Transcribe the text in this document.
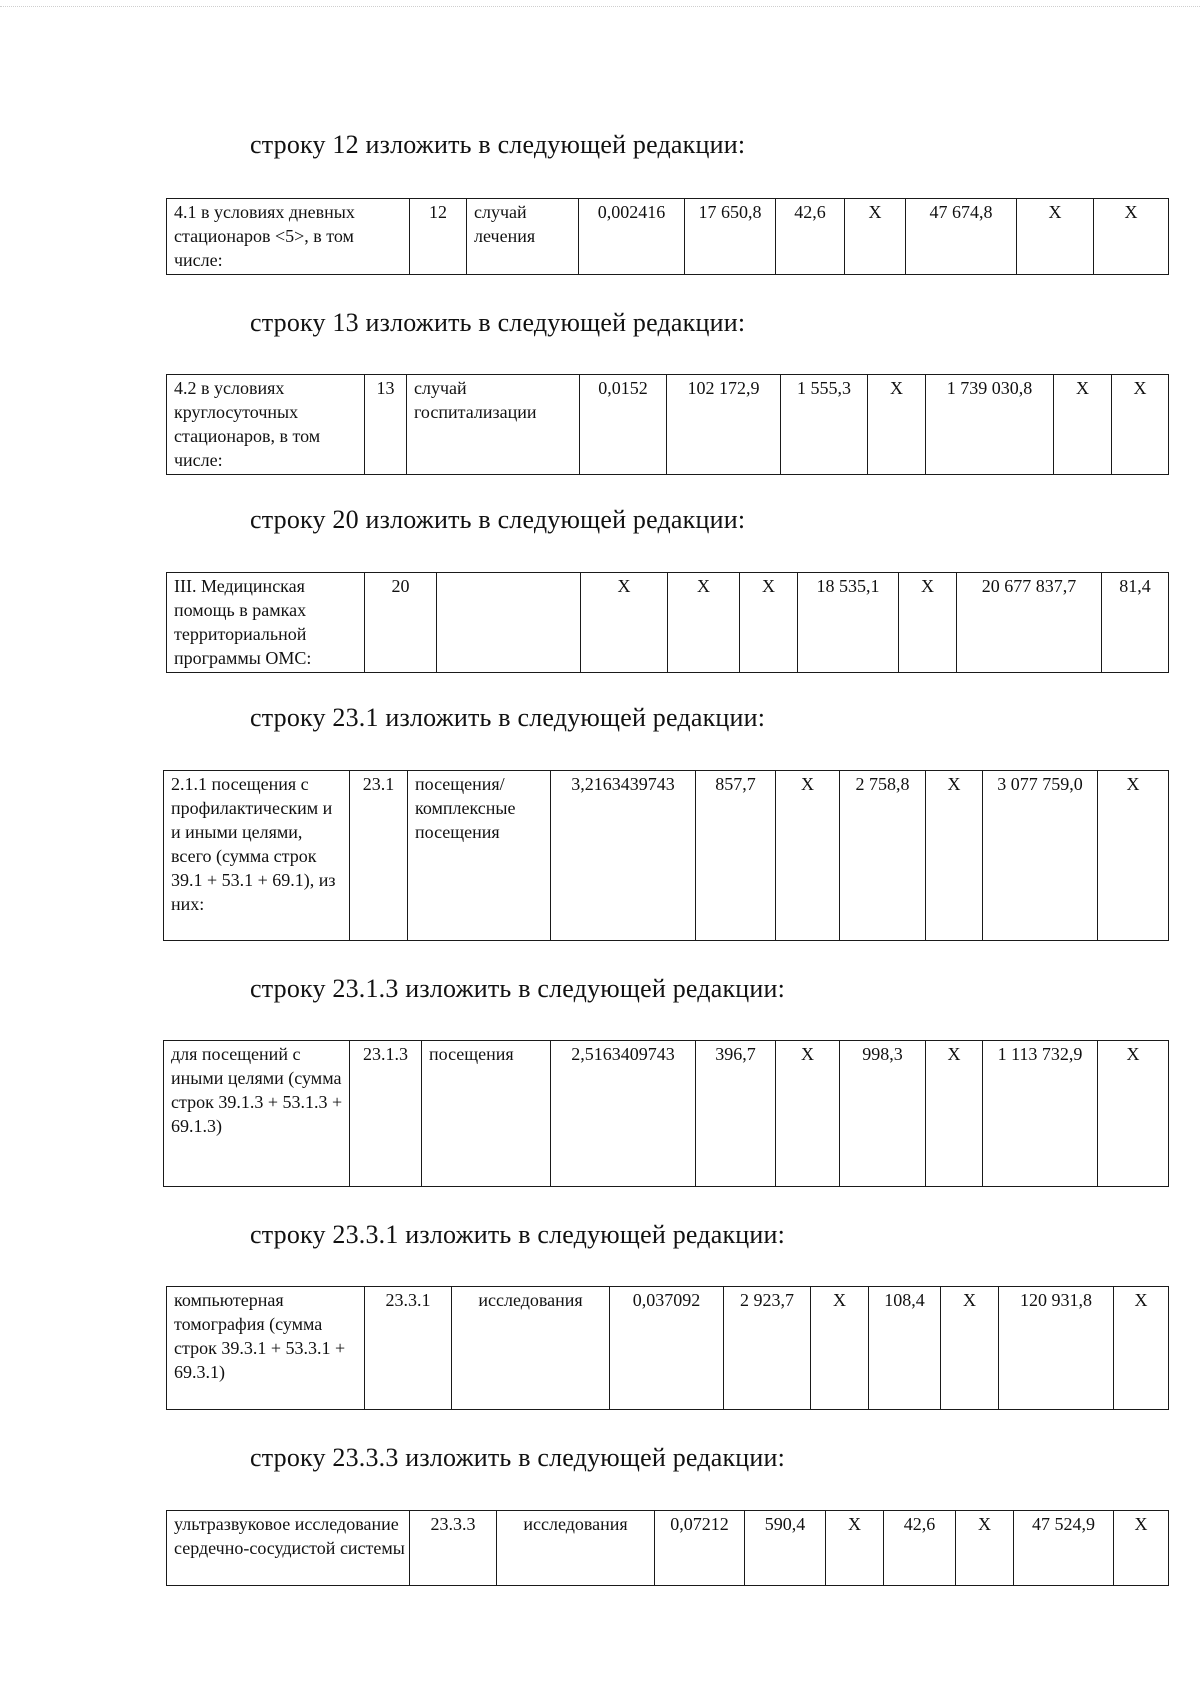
строку 12 изложить в следующей редакции:

4.1 в условиях дневных стационаров <5>, в том числе:	12	случай лечения	0,002416	17 650,8	42,6	Х	47 674,8	Х	Х

строку 13 изложить в следующей редакции:

4.2 в условиях круглосуточных стационаров, в том числе:	13	случай госпитализации	0,0152	102 172,9	1 555,3	Х	1 739 030,8	Х	Х

строку 20 изложить в следующей редакции:

III. Медицинская помощь в рамках территориальной программы ОМС:	20		Х	Х	Х	18 535,1	Х	20 677 837,7	81,4

строку 23.1 изложить в следующей редакции:

2.1.1 посещения с профилактическим и и иными целями, всего (сумма строк 39.1 + 53.1 + 69.1), из них:	23.1	посещения/ комплексные посещения	3,2163439743	857,7	Х	2 758,8	Х	3 077 759,0	Х

строку 23.1.3 изложить в следующей редакции:

для посещений с иными целями (сумма строк 39.1.3 + 53.1.3 + 69.1.3)	23.1.3	посещения	2,5163409743	396,7	Х	998,3	Х	1 113 732,9	Х

строку 23.3.1 изложить в следующей редакции:

компьютерная томография (сумма строк 39.3.1 + 53.3.1 + 69.3.1)	23.3.1	исследования	0,037092	2 923,7	Х	108,4	Х	120 931,8	Х

строку 23.3.3 изложить в следующей редакции:

ультразвуковое исследование сердечно-сосудистой системы	23.3.3	исследования	0,07212	590,4	Х	42,6	Х	47 524,9	Х
